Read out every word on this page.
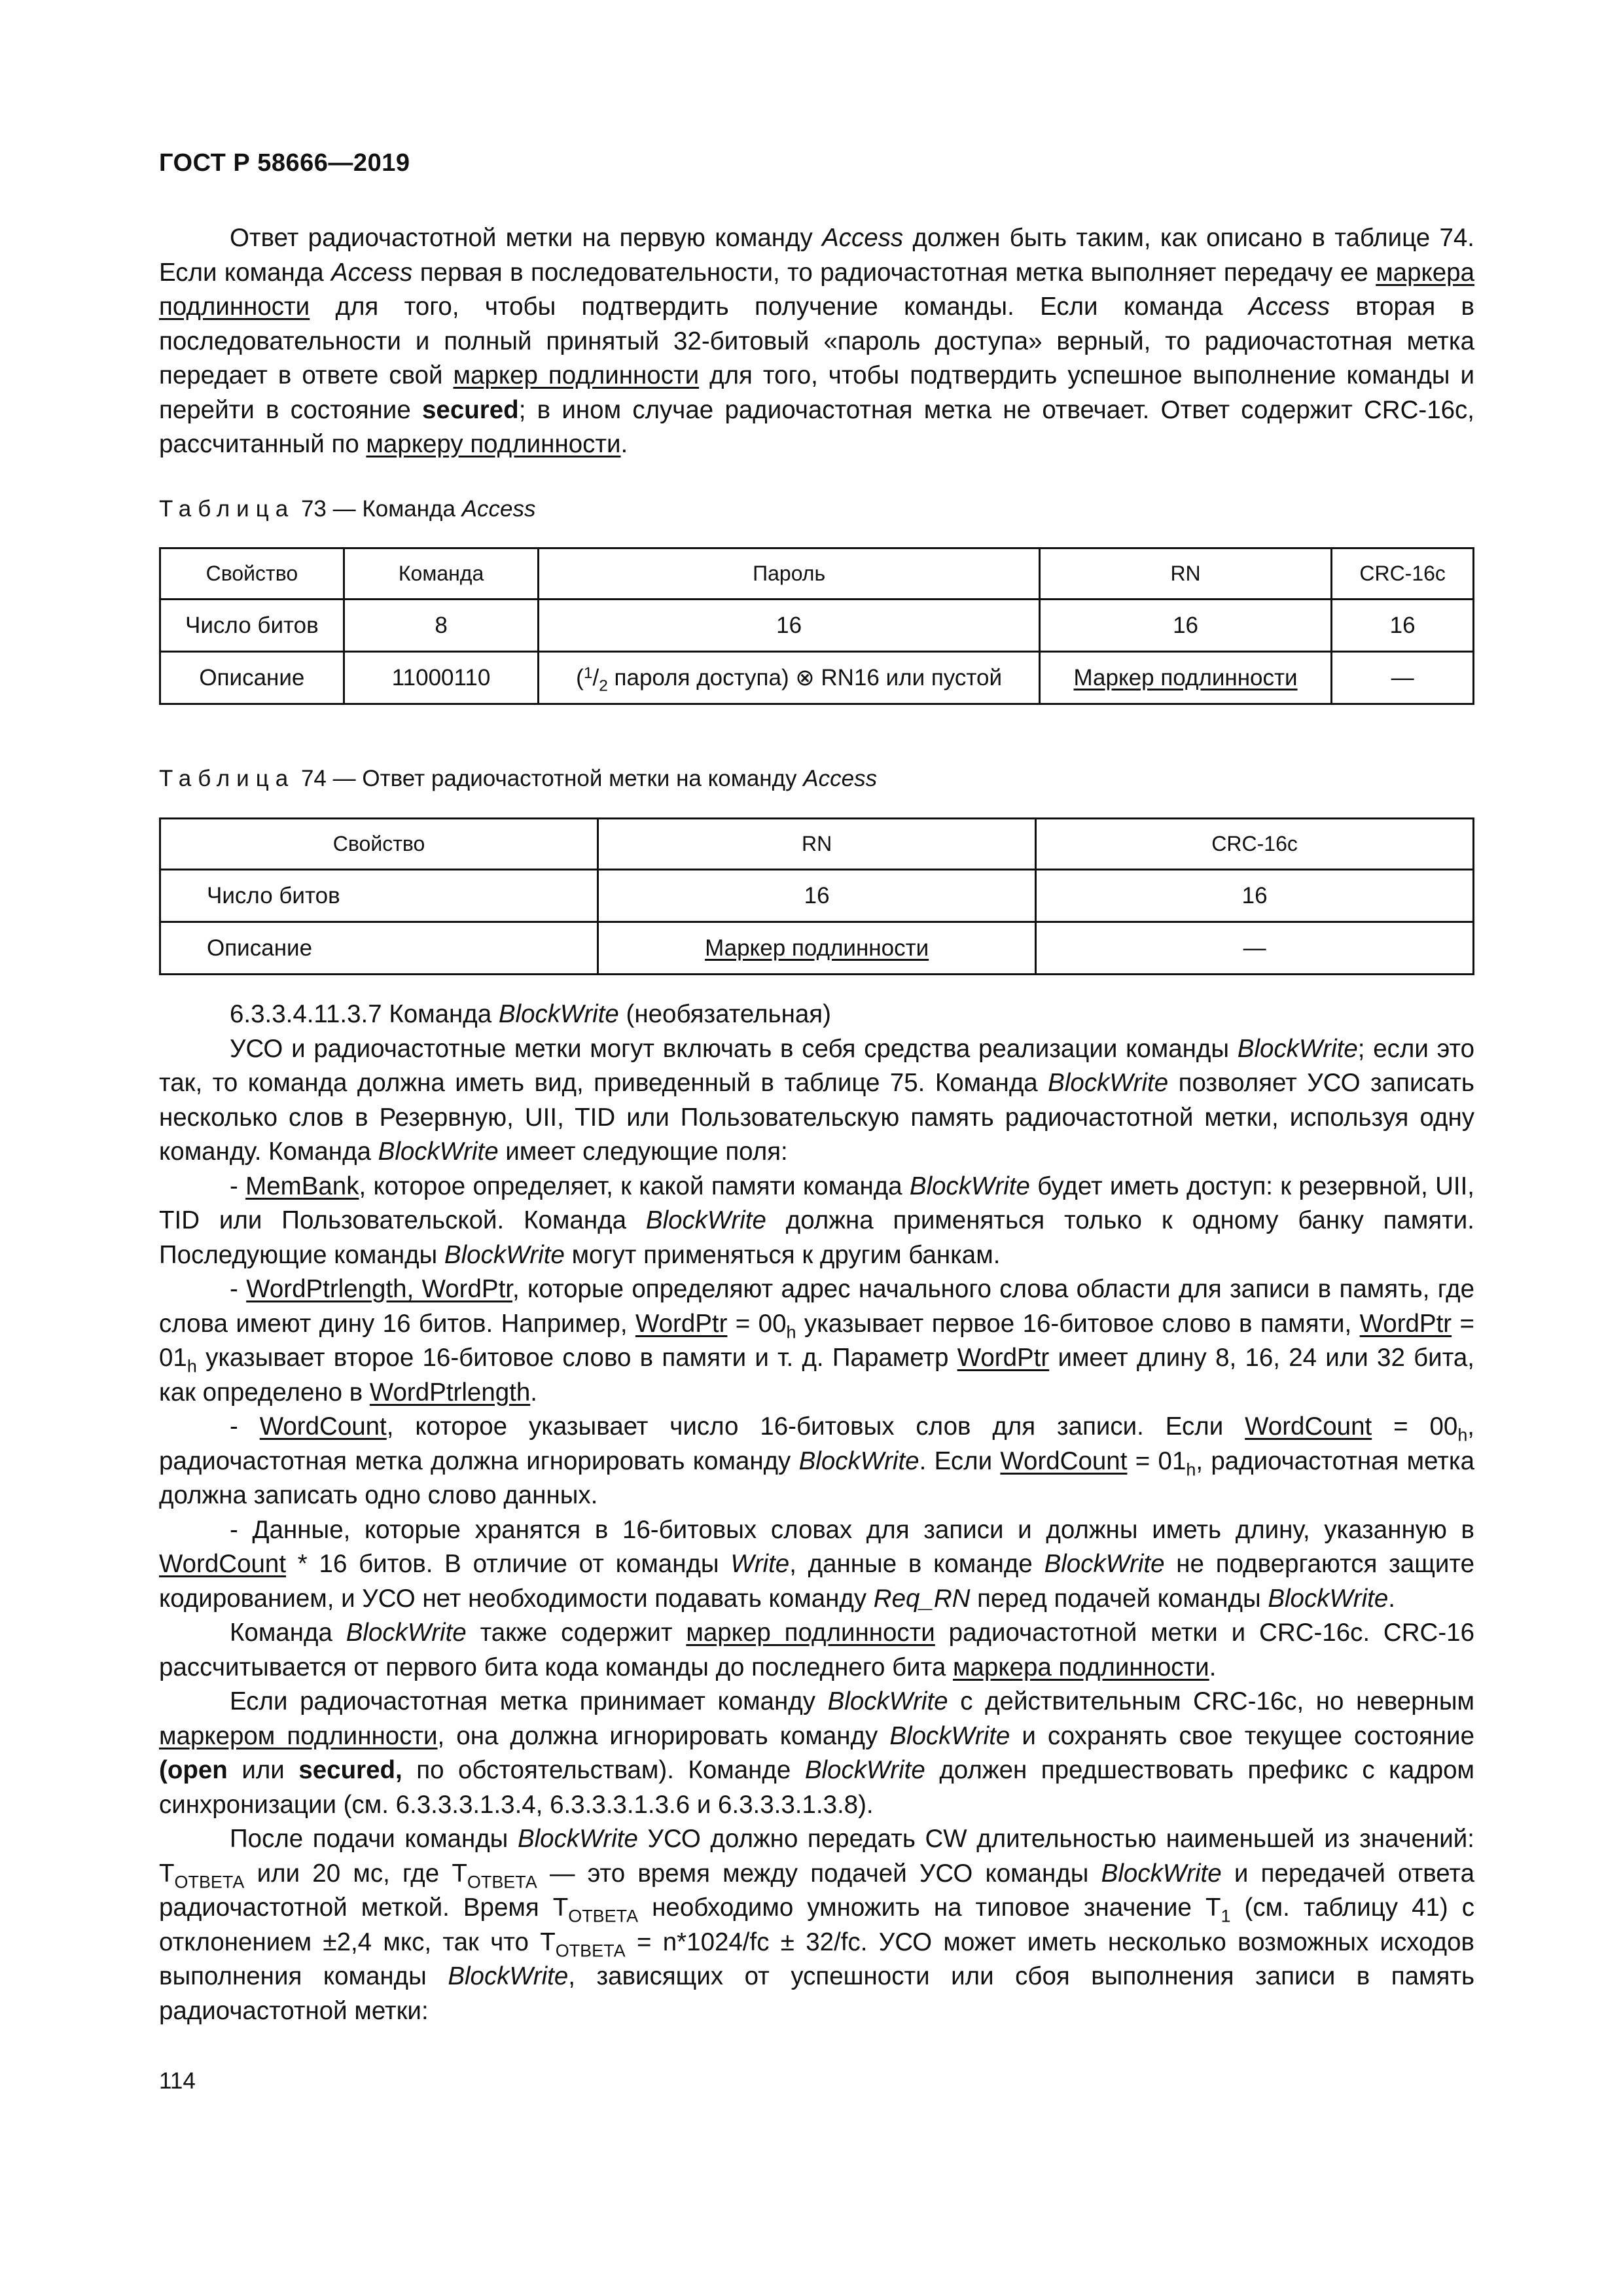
ГОСТ Р 58666—2019

Ответ радиочастотной метки на первую команду Access должен быть таким, как описано в таблице 74. Если команда Access первая в последовательности, то радиочастотная метка выполняет передачу ее маркера подлинности для того, чтобы подтвердить получение команды. Если команда Access вторая в последовательности и полный принятый 32-битовый «пароль доступа» верный, то радиочастотная метка передает в ответе свой маркер подлинности для того, чтобы подтвердить успешное выполнение команды и перейти в состояние secured; в ином случае радиочастотная метка не отвечает. Ответ содержит CRC-16c, рассчитанный по маркеру подлинности.

Таблица 73 — Команда Access
Свойство	Команда	Пароль	RN	CRC-16c
Число битов	8	16	16	16
Описание	11000110	($^1/_2$ пароля доступа) ⊗ RN16 или пустой	Маркер подлинности	—
Таблица 74 — Ответ радиочастотной метки на команду Access
Свойство	RN	CRC-16c
Число битов	16	16
Описание	Маркер подлинности	—

6.3.3.4.11.3.7 Команда BlockWrite (необязательная)

УСО и радиочастотные метки могут включать в себя средства реализации команды BlockWrite; если это так, то команда должна иметь вид, приведенный в таблице 75. Команда BlockWrite позволяет УСО записать несколько слов в Резервную, UII, TID или Пользовательскую память радиочастотной метки, используя одну команду. Команда BlockWrite имеет следующие поля:

- MemBank, которое определяет, к какой памяти команда BlockWrite будет иметь доступ: к резервной, UII, TID или Пользовательской. Команда BlockWrite должна применяться только к одному банку памяти. Последующие команды BlockWrite могут применяться к другим банкам.

- WordPtrlength, WordPtr, которые определяют адрес начального слова области для записи в память, где слова имеют дину 16 битов. Например, WordPtr = $00_h$ указывает первое 16-битовое слово в памяти, WordPtr = $01_h$ указывает второе 16-битовое слово в памяти и т. д. Параметр WordPtr имеет длину 8, 16, 24 или 32 бита, как определено в WordPtrlength.

- WordCount, которое указывает число 16-битовых слов для записи. Если WordCount = $00_h$, радиочастотная метка должна игнорировать команду BlockWrite. Если WordCount = $01_h$, радиочастотная метка должна записать одно слово данных.

- Данные, которые хранятся в 16-битовых словах для записи и должны иметь длину, указанную в WordCount * 16 битов. В отличие от команды Write, данные в команде BlockWrite не подвергаются защите кодированием, и УСО нет необходимости подавать команду Req_RN перед подачей команды BlockWrite.

Команда BlockWrite также содержит маркер подлинности радиочастотной метки и CRC-16c. CRC-16 рассчитывается от первого бита кода команды до последнего бита маркера подлинности.

Если радиочастотная метка принимает команду BlockWrite с действительным CRC-16c, но неверным маркером подлинности, она должна игнорировать команду BlockWrite и сохранять свое текущее состояние (open или secured, по обстоятельствам). Команде BlockWrite должен предшествовать префикс с кадром синхронизации (см. 6.3.3.3.1.3.4, 6.3.3.3.1.3.6 и 6.3.3.3.1.3.8).

После подачи команды BlockWrite УСО должно передать CW длительностью наименьшей из значений: $T_{ОТВЕТА}$ или 20 мс, где $T_{ОТВЕТА}$ — это время между подачей УСО команды BlockWrite и передачей ответа радиочастотной меткой. Время $T_{ОТВЕТА}$ необходимо умножить на типовое значение $T_1$ (см. таблицу 41) с отклонением ±2,4 мкс, так что $T_{ОТВЕТА} = n*1024/fc \pm 32/fc$. УСО может иметь несколько возможных исходов выполнения команды BlockWrite, зависящих от успешности или сбоя выполнения записи в память радиочастотной метки:

114
